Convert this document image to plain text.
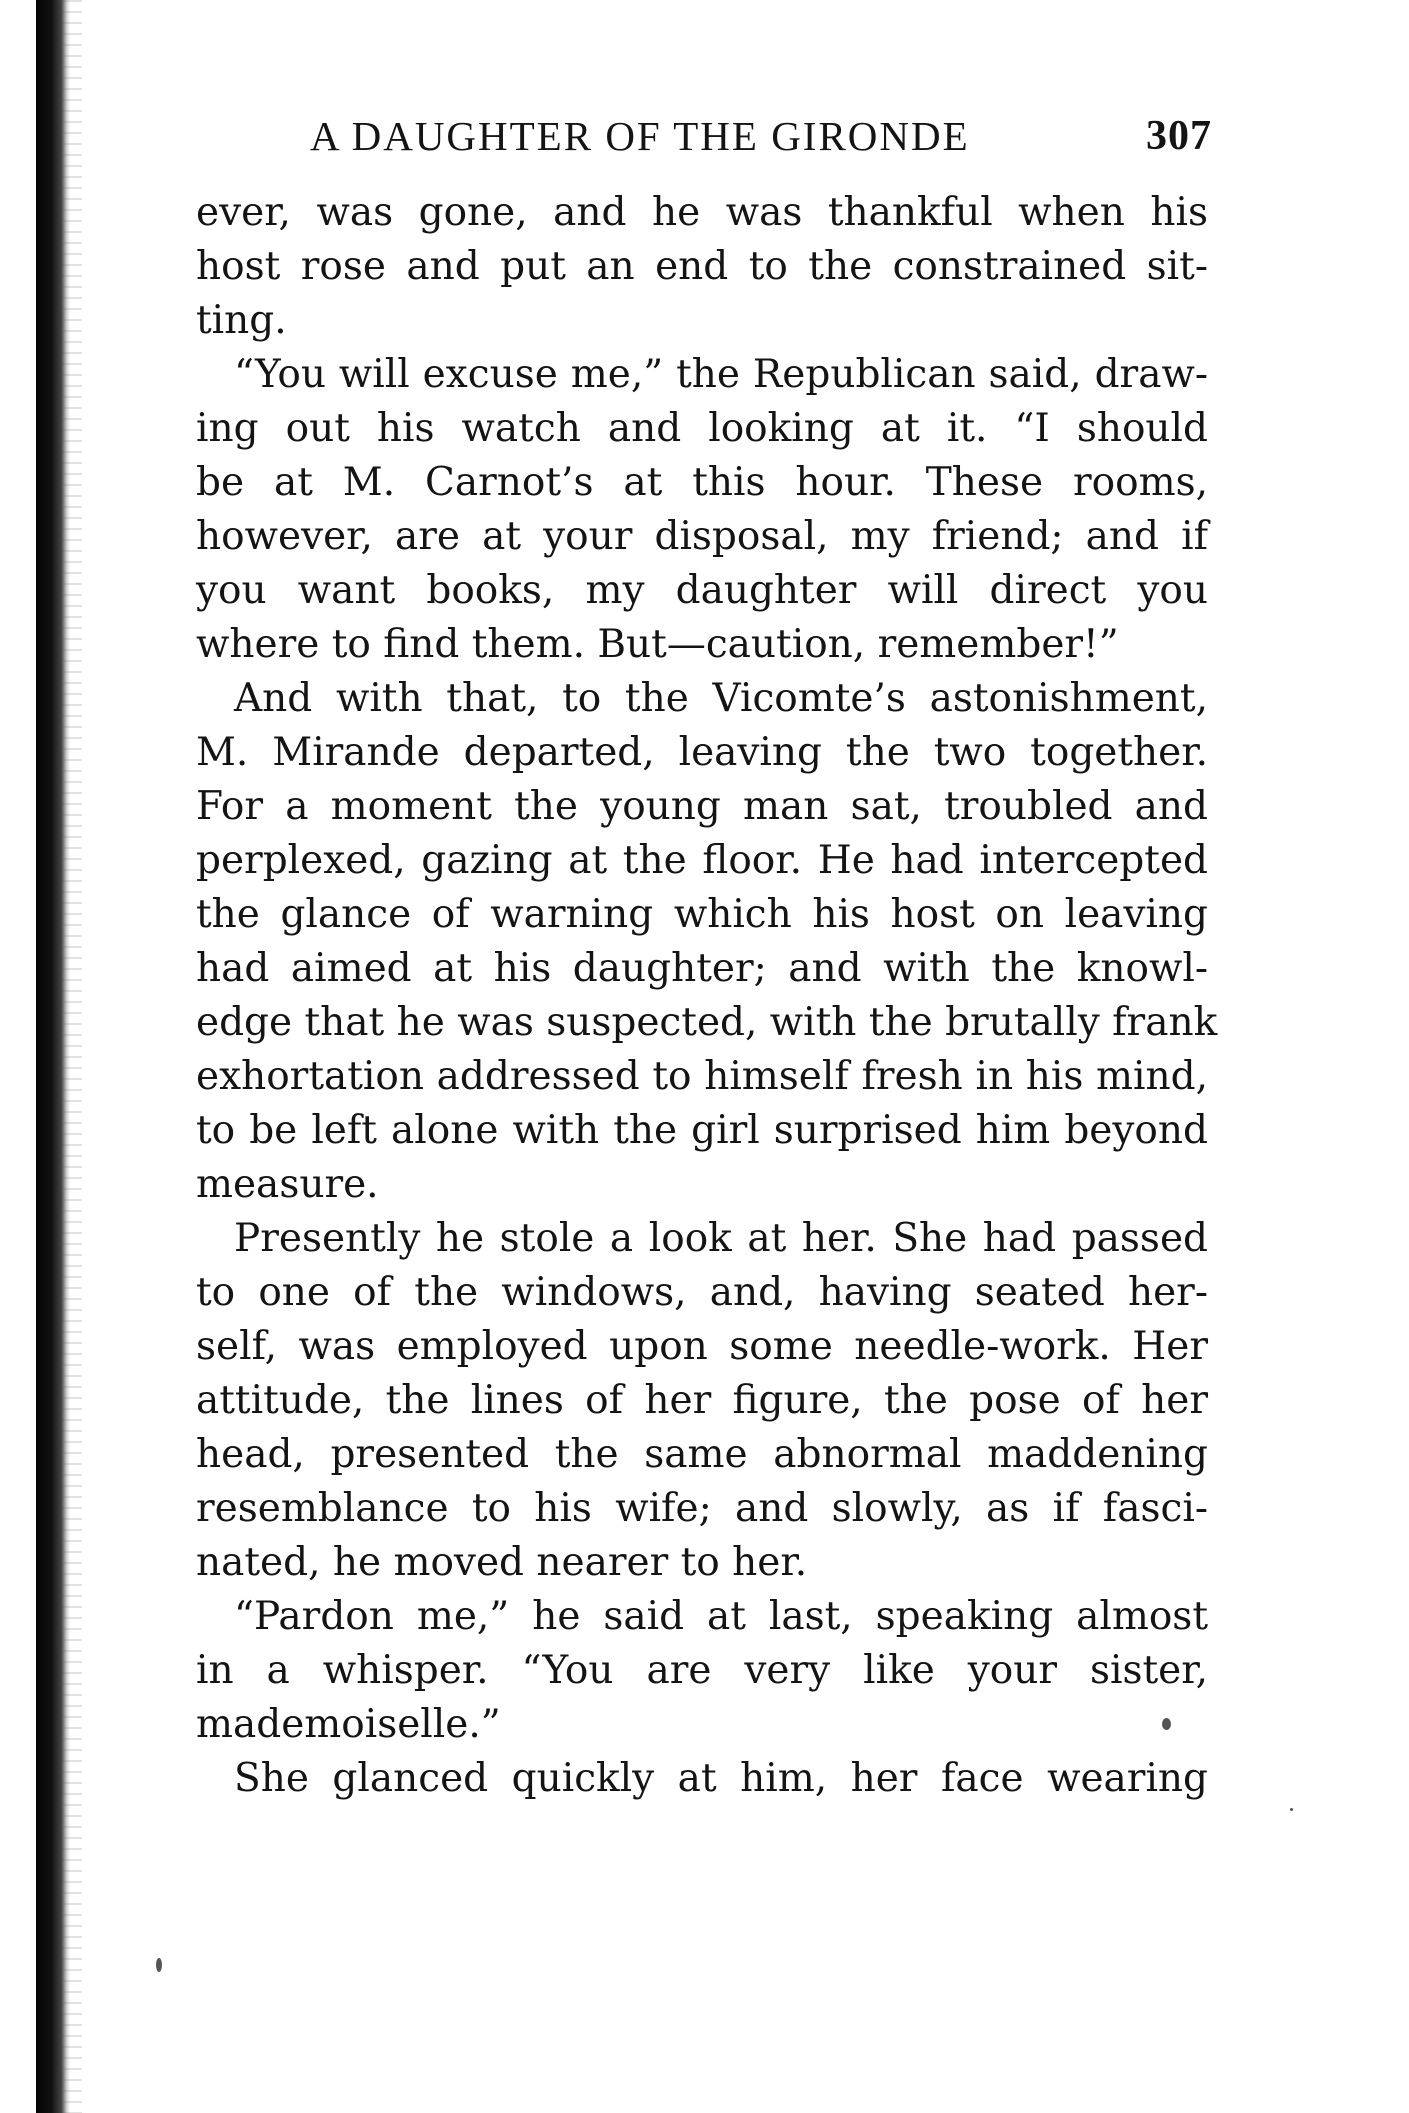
A DAUGHTER OF THE GIRONDE	307
ever, was gone, and he was thankful when his
host rose and put an end to the constrained sit-
ting.
“You will excuse me,” the Republican said, draw-
ing out his watch and looking at it. “I should
be at M. Carnot’s at this hour. These rooms,
however, are at your disposal, my friend; and if
you want books, my daughter will direct you
where to find them. But—caution, remember!”
And with that, to the Vicomte’s astonishment,
M. Mirande departed, leaving the two together.
For a moment the young man sat, troubled and
perplexed, gazing at the floor. He had intercepted
the glance of warning which his host on leaving
had aimed at his daughter; and with the knowl-
edge that he was suspected, with the brutally frank
exhortation addressed to himself fresh in his mind,
to be left alone with the girl surprised him beyond
measure.
Presently he stole a look at her. She had passed
to one of the windows, and, having seated her-
self, was employed upon some needle-work. Her
attitude, the lines of her figure, the pose of her
head, presented the same abnormal maddening
resemblance to his wife; and slowly, as if fasci-
nated, he moved nearer to her.
“Pardon me,” he said at last, speaking almost
in a whisper. “You are very like your sister,
mademoiselle.”
She glanced quickly at him, her face wearing
